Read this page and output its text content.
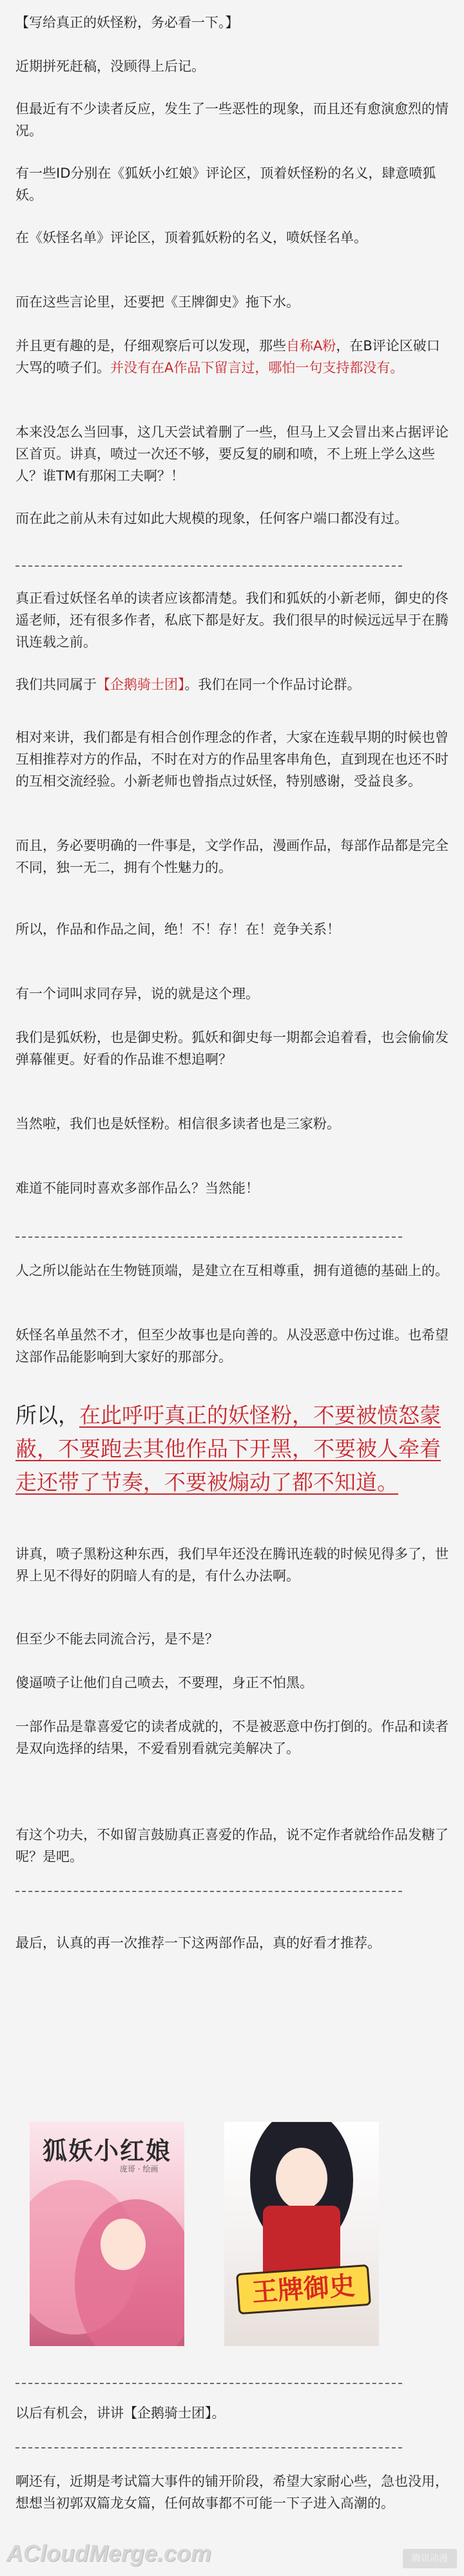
【写给真正的妖怪粉，务必看一下。】

近期拼死赶稿，没顾得上后记。

但最近有不少读者反应，发生了一些恶性的现象，而且还有愈演愈烈的情况。

有一些ID分别在《狐妖小红娘》评论区，顶着妖怪粉的名义，肆意喷狐妖。

在《妖怪名单》评论区，顶着狐妖粉的名义，喷妖怪名单。

而在这些言论里，还要把《王牌御史》拖下水。

并且更有趣的是，仔细观察后可以发现，那些自称A粉，在B评论区破口大骂的喷子们。并没有在A作品下留言过，哪怕一句支持都没有。

本来没怎么当回事，这几天尝试着删了一些，但马上又会冒出来占据评论区首页。讲真，喷过一次还不够，要反复的刷和喷，不上班上学么这些人？谁TM有那闲工夫啊？！

而在此之前从未有过如此大规模的现象，任何客户端口都没有过。

真正看过妖怪名单的读者应该都清楚。我们和狐妖的小新老师，御史的佟遥老师，还有很多作者，私底下都是好友。我们很早的时候远远早于在腾讯连载之前。

我们共同属于【企鹅骑士团】。我们在同一个作品讨论群。

相对来讲，我们都是有相合创作理念的作者，大家在连载早期的时候也曾互相推荐对方的作品，不时在对方的作品里客串角色，直到现在也还不时的互相交流经验。小新老师也曾指点过妖怪，特别感谢，受益良多。

而且，务必要明确的一件事是，文学作品，漫画作品，每部作品都是完全不同，独一无二，拥有个性魅力的。

所以，作品和作品之间，绝！不！存！在！竞争关系！

有一个词叫求同存异，说的就是这个理。

我们是狐妖粉，也是御史粉。狐妖和御史每一期都会追着看，也会偷偷发弹幕催更。好看的作品谁不想追啊？

当然啦，我们也是妖怪粉。相信很多读者也是三家粉。

难道不能同时喜欢多部作品么？当然能！

人之所以能站在生物链顶端，是建立在互相尊重，拥有道德的基础上的。

妖怪名单虽然不才，但至少故事也是向善的。从没恶意中伤过谁。也希望这部作品能影响到大家好的那部分。

所以，在此呼吁真正的妖怪粉，不要被愤怒蒙蔽，不要跑去其他作品下开黑，不要被人牵着走还带了节奏，不要被煽动了都不知道。

讲真，喷子黑粉这种东西，我们早年还没在腾讯连载的时候见得多了，世界上见不得好的阴暗人有的是，有什么办法啊。

但至少不能去同流合污，是不是？

傻逼喷子让他们自己喷去，不要理，身正不怕黑。

一部作品是靠喜爱它的读者成就的，不是被恶意中伤打倒的。作品和读者是双向选择的结果，不爱看别看就完美解决了。

有这个功夫，不如留言鼓励真正喜爱的作品，说不定作者就给作品发糖了呢？是吧。

最后，认真的再一次推荐一下这两部作品，真的好看才推荐。

狐妖小红娘
庞哥 · 绘画
王牌御史

以后有机会，讲讲【企鹅骑士团】。

啊还有，近期是考试篇大事件的铺开阶段，希望大家耐心些，急也没用，想想当初郭双篇龙女篇，任何故事都不可能一下子进入高潮的。

ACloudMerge.com	腾讯动漫
